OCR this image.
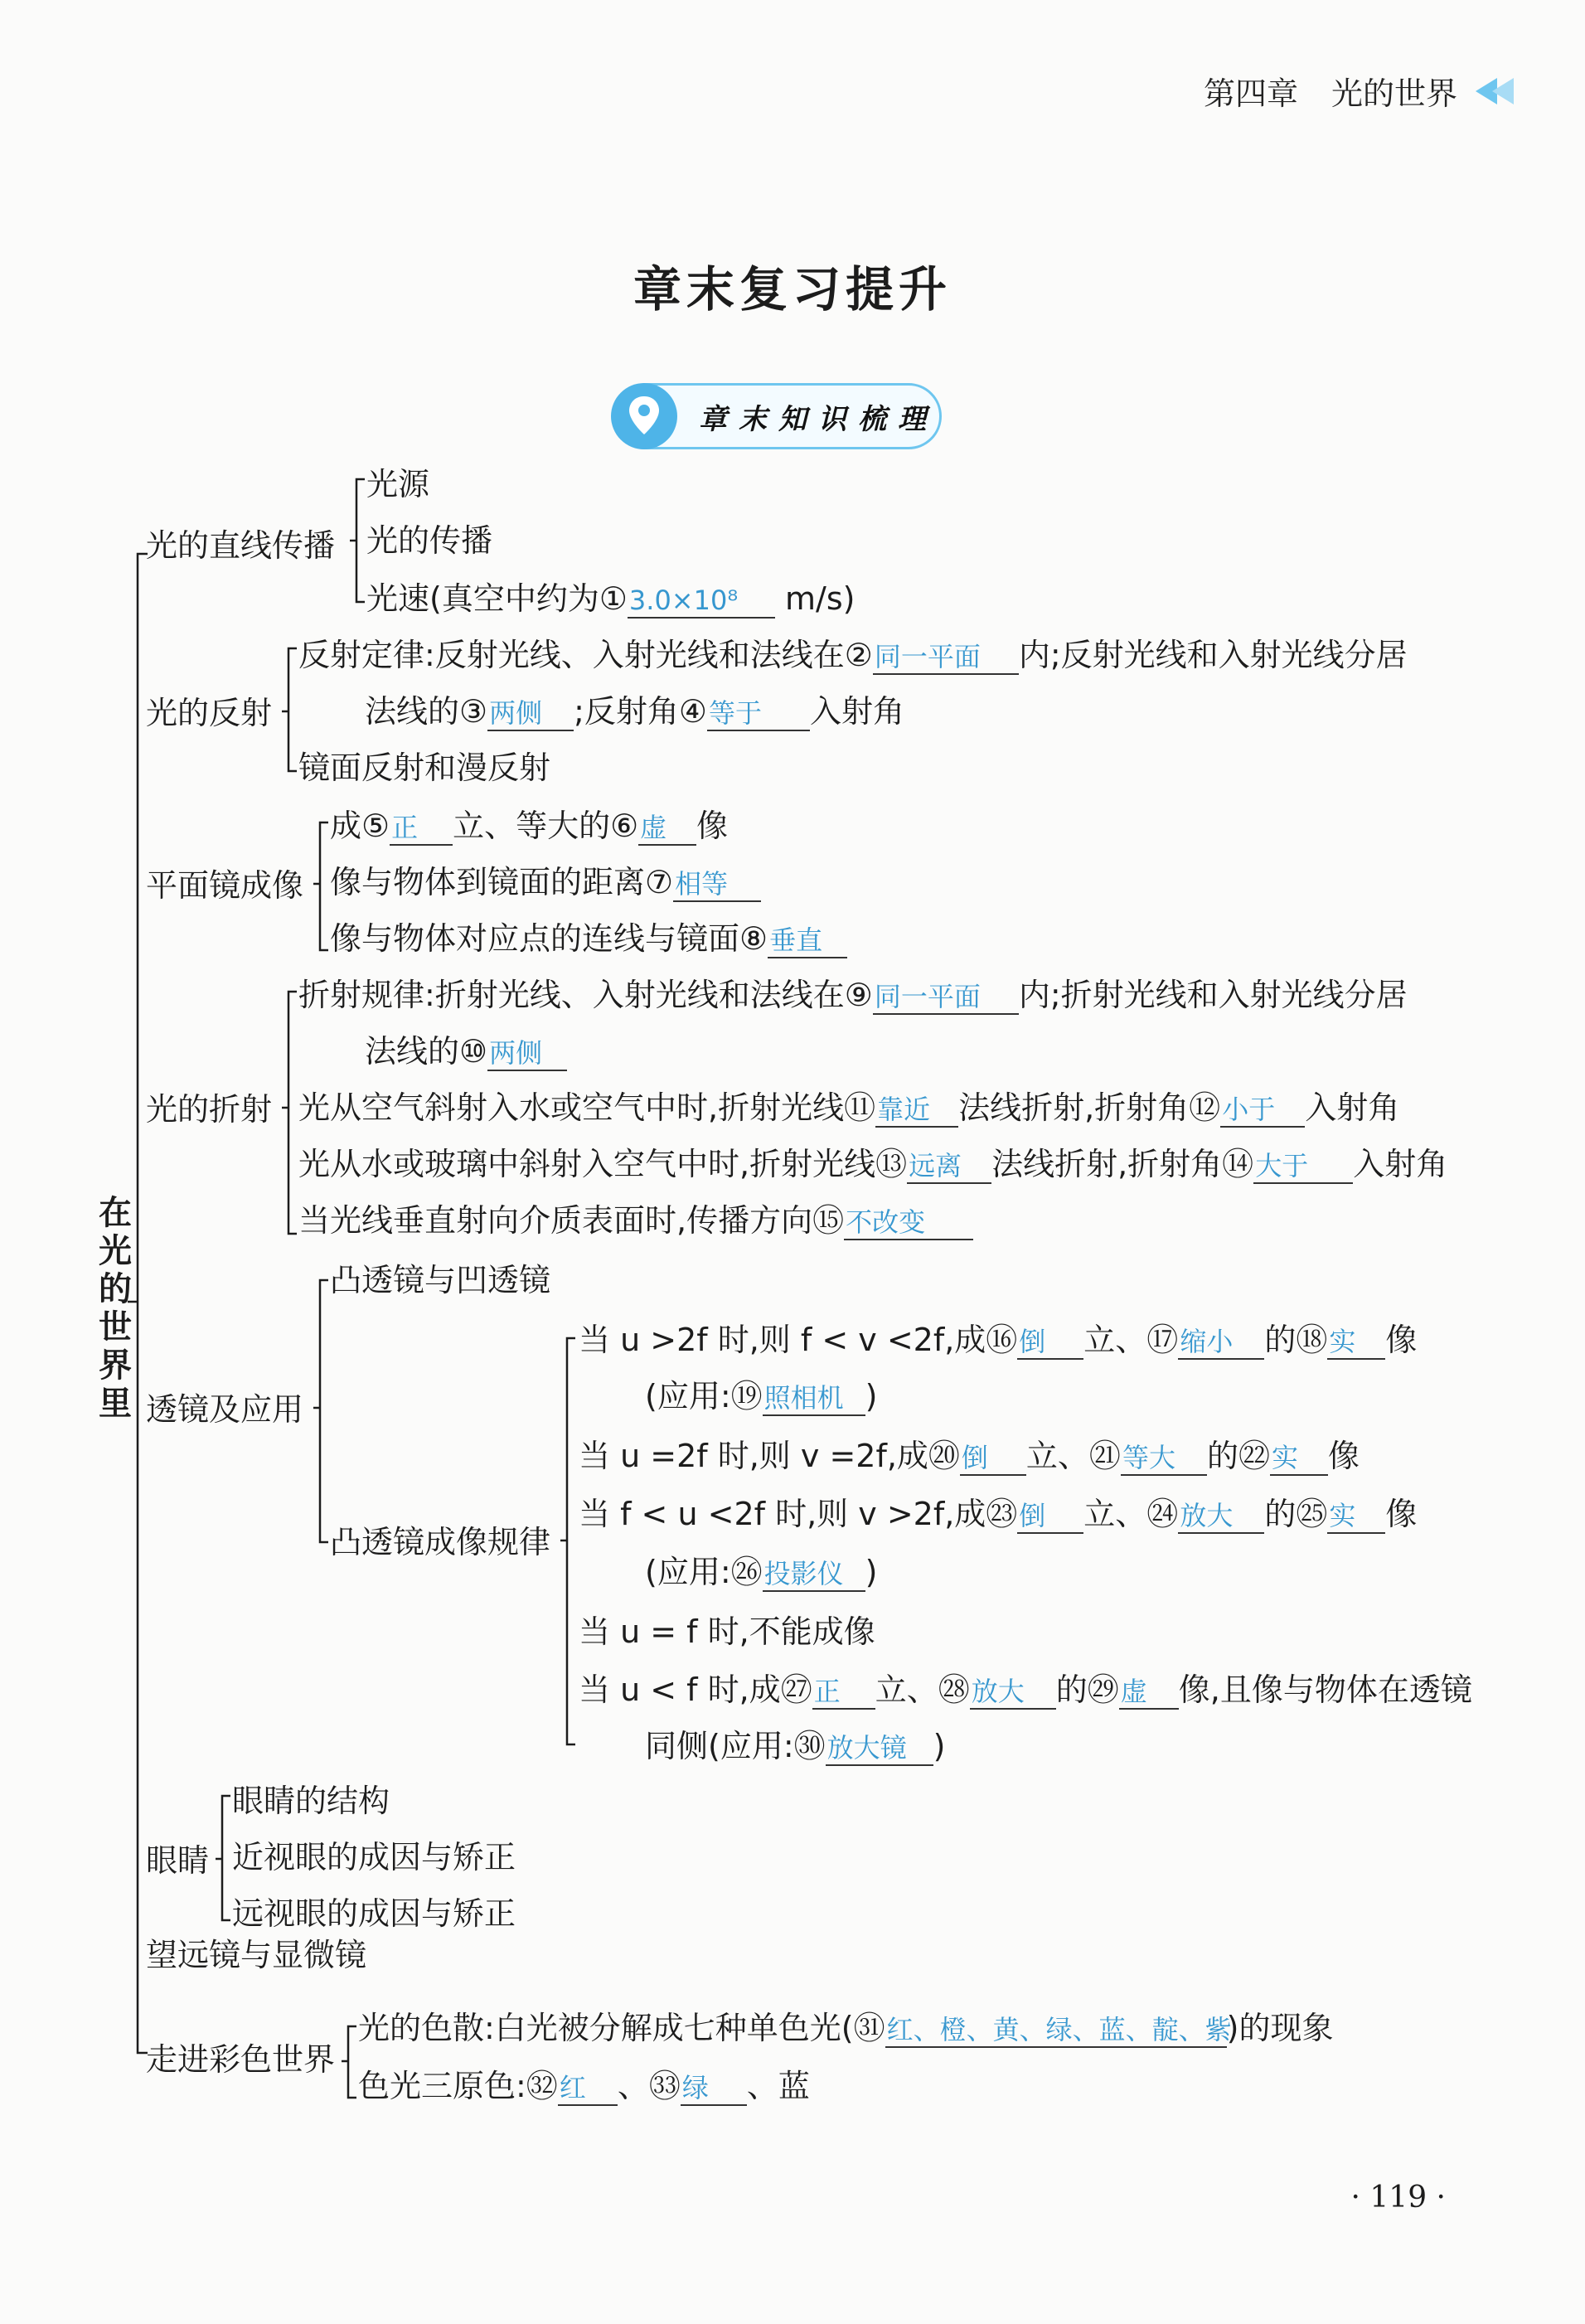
第四章 光的世界
章末复习提升
章末知识梳理
在光的世界里
光的直线传播
光的反射
平面镜成像
光的折射
透镜及应用
眼睛
望远镜与显微镜
走进彩色世界
光源
光的传播
光速(真空中约为①3.0×10⁸ m/s)
反射定律:反射光线、入射光线和法线在②同一平面 内;反射光线和入射光线分居
法线的③两侧 ;反射角④等于 入射角
镜面反射和漫反射
成⑤正 立、等大的⑥虚 像
像与物体到镜面的距离⑦相等
像与物体对应点的连线与镜面⑧垂直
折射规律:折射光线、入射光线和法线在⑨同一平面 内;折射光线和入射光线分居
法线的⑩两侧
光从空气斜射入水或空气中时,折射光线⑪靠近 法线折射,折射角⑫小于 入射角
光从水或玻璃中斜射入空气中时,折射光线⑬远离 法线折射,折射角⑭大于 入射角
当光线垂直射向介质表面时,传播方向⑮不改变
凸透镜与凹透镜
凸透镜成像规律
当 u >2f 时,则 f < v <2f,成⑯倒 立、⑰缩小 的⑱实 像
(应用:⑲照相机 )
当 u =2f 时,则 v =2f,成⑳倒 立、㉑等大 的㉒实 像
当 f < u <2f 时,则 v >2f,成㉓倒 立、㉔放大 的㉕实 像
(应用:㉖投影仪 )
当 u = f 时,不能成像
当 u < f 时,成㉗正 立、㉘放大 的㉙虚 像,且像与物体在透镜
同侧(应用:㉚放大镜 )
眼睛的结构
近视眼的成因与矫正
远视眼的成因与矫正
光的色散:白光被分解成七种单色光(㉛红、橙、黄、绿、蓝、靛、紫)的现象
色光三原色:㉜红 、㉝绿 、蓝
· 119 ·
